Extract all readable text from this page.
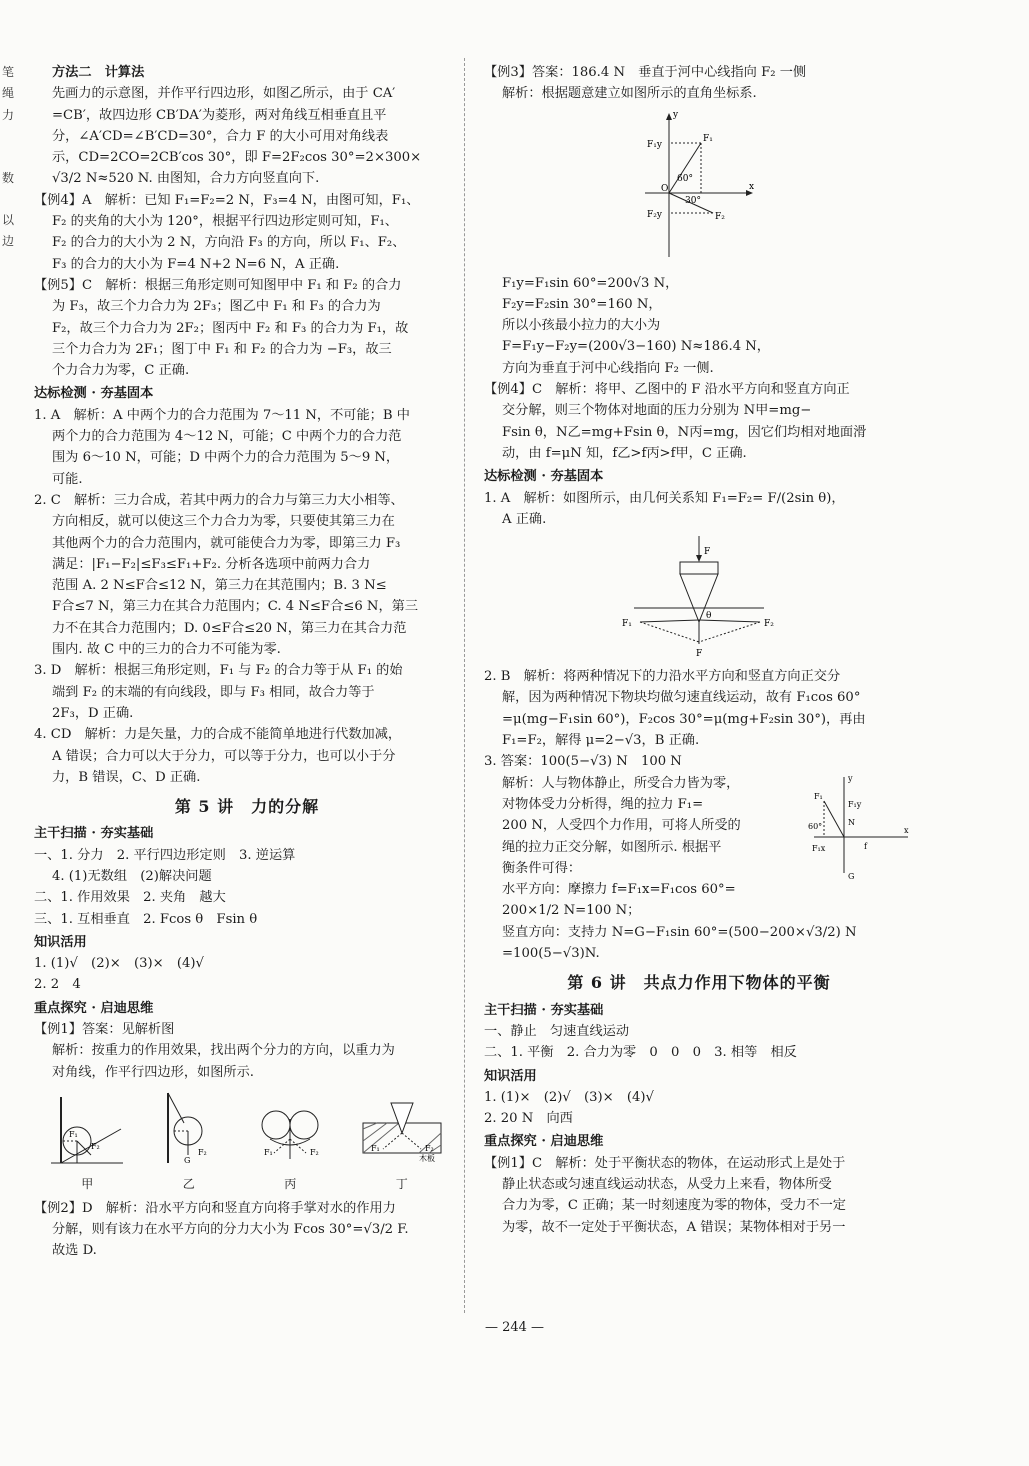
笔
绳
力
数
以
边

方法二　计算法

先画力的示意图，并作平行四边形，如图乙所示，由于 CA′

=CB′，故四边形 CB′DA′为菱形，两对角线互相垂直且平

分，∠A′CD=∠B′CD=30°，合力 F 的大小可用对角线表

示，CD=2CO=2CB′cos 30°，即 F=2F₂cos 30°=2×300×

√3/2 N≈520 N. 由图知，合力方向竖直向下.

【例4】A　解析：已知 F₁=F₂=2 N，F₃=4 N，由图可知，F₁、

F₂ 的夹角的大小为 120°，根据平行四边形定则可知，F₁、

F₂ 的合力的大小为 2 N，方向沿 F₃ 的方向，所以 F₁、F₂、

F₃ 的合力的大小为 F=4 N+2 N=6 N，A 正确.

【例5】C　解析：根据三角形定则可知图甲中 F₁ 和 F₂ 的合力

为 F₃，故三个力合力为 2F₃；图乙中 F₁ 和 F₃ 的合力为

F₂，故三个力合力为 2F₂；图丙中 F₂ 和 F₃ 的合力为 F₁，故

三个力合力为 2F₁；图丁中 F₁ 和 F₂ 的合力为 −F₃，故三

个力合力为零，C 正确.

达标检测 · 夯基固本

1. A　解析：A 中两个力的合力范围为 7～11 N，不可能；B 中

两个力的合力范围为 4～12 N，可能；C 中两个力的合力范

围为 6～10 N，可能；D 中两个力的合力范围为 5～9 N，

可能.

2. C　解析：三力合成，若其中两力的合力与第三力大小相等、

方向相反，就可以使这三个力合力为零，只要使其第三力在

其他两个力的合力范围内，就可能使合力为零，即第三力 F₃

满足：|F₁−F₂|≤F₃≤F₁+F₂. 分析各选项中前两力合力

范围 A. 2 N≤F合≤12 N，第三力在其范围内；B. 3 N≤

F合≤7 N，第三力在其合力范围内；C. 4 N≤F合≤6 N，第三

力不在其合力范围内；D. 0≤F合≤20 N，第三力在其合力范

围内. 故 C 中的三力的合力不可能为零.

3. D　解析：根据三角形定则，F₁ 与 F₂ 的合力等于从 F₁ 的始

端到 F₂ 的末端的有向线段，即与 F₃ 相同，故合力等于

2F₃，D 正确.

4. CD　解析：力是矢量，力的合成不能简单地进行代数加减，

A 错误；合力可以大于分力，可以等于分力，也可以小于分

力，B 错误，C、D 正确.

第 5 讲　力的分解

主干扫描 · 夯实基础

一、1. 分力　2. 平行四边形定则　3. 逆运算

4. (1)无数组　(2)解决问题

二、1. 作用效果　2. 夹角　越大

三、1. 互相垂直　2. Fcos θ　Fsin θ

知识活用

1. (1)√　(2)×　(3)×　(4)√

2. 2　4

重点探究 · 启迪思维

【例1】答案：见解析图

解析：按重力的作用效果，找出两个分力的方向，以重力为

对角线，作平行四边形，如图所示.

F₁
F₂
甲
G
F₂
乙
F₁	F₂
丙
F₁	F₂
木板
丁

【例2】D　解析：沿水平方向和竖直方向将手掌对水的作用力

分解，则有该力在水平方向的分力大小为 Fcos 30°=√3/2 F.

故选 D.

【例3】答案：186.4 N　垂直于河中心线指向 F₂ 一侧

解析：根据题意建立如图所示的直角坐标系.

y
x
O
F₁
F₂
F₁y
F₂y
60°
30°

F₁y=F₁sin 60°=200√3 N，

F₂y=F₂sin 30°=160 N，

所以小孩最小拉力的大小为

F=F₁y−F₂y=(200√3−160) N≈186.4 N，

方向为垂直于河中心线指向 F₂ 一侧.

【例4】C　解析：将甲、乙图中的 F 沿水平方向和竖直方向正

交分解，则三个物体对地面的压力分别为 N甲=mg−

Fsin θ，N乙=mg+Fsin θ，N丙=mg，因它们均相对地面滑

动，由 f=μN 知，f乙>f丙>f甲，C 正确.

达标检测 · 夯基固本

1. A　解析：如图所示，由几何关系知 F₁=F₂= F/(2sin θ)，

A 正确.

F
F₁	F₂
F
θ

2. B　解析：将两种情况下的力沿水平方向和竖直方向正交分

解，因为两种情况下物块均做匀速直线运动，故有 F₁cos 60°

=μ(mg−F₁sin 60°)，F₂cos 30°=μ(mg+F₂sin 30°)，再由

F₁=F₂，解得 μ=2−√3，B 正确.

3. 答案：100(5−√3) N　100 N

y
x
F₁
F₁y
N
60°
f
G
F₁x

解析：人与物体静止，所受合力皆为零，

对物体受力分析得，绳的拉力 F₁=

200 N，人受四个力作用，可将人所受的

绳的拉力正交分解，如图所示. 根据平

衡条件可得：

水平方向：摩擦力 f=F₁x=F₁cos 60°=

200×1/2 N=100 N；

竖直方向：支持力 N=G−F₁sin 60°=(500−200×√3/2) N

=100(5−√3)N.

第 6 讲　共点力作用下物体的平衡

主干扫描 · 夯实基础

一、静止　匀速直线运动

二、1. 平衡　2. 合力为零　0　0　0　3. 相等　相反

知识活用

1. (1)×　(2)√　(3)×　(4)√

2. 20 N　向西

重点探究 · 启迪思维

【例1】C　解析：处于平衡状态的物体，在运动形式上是处于

静止状态或匀速直线运动状态，从受力上来看，物体所受

合力为零，C 正确；某一时刻速度为零的物体，受力不一定

为零，故不一定处于平衡状态，A 错误；某物体相对于另一

— 244 —
